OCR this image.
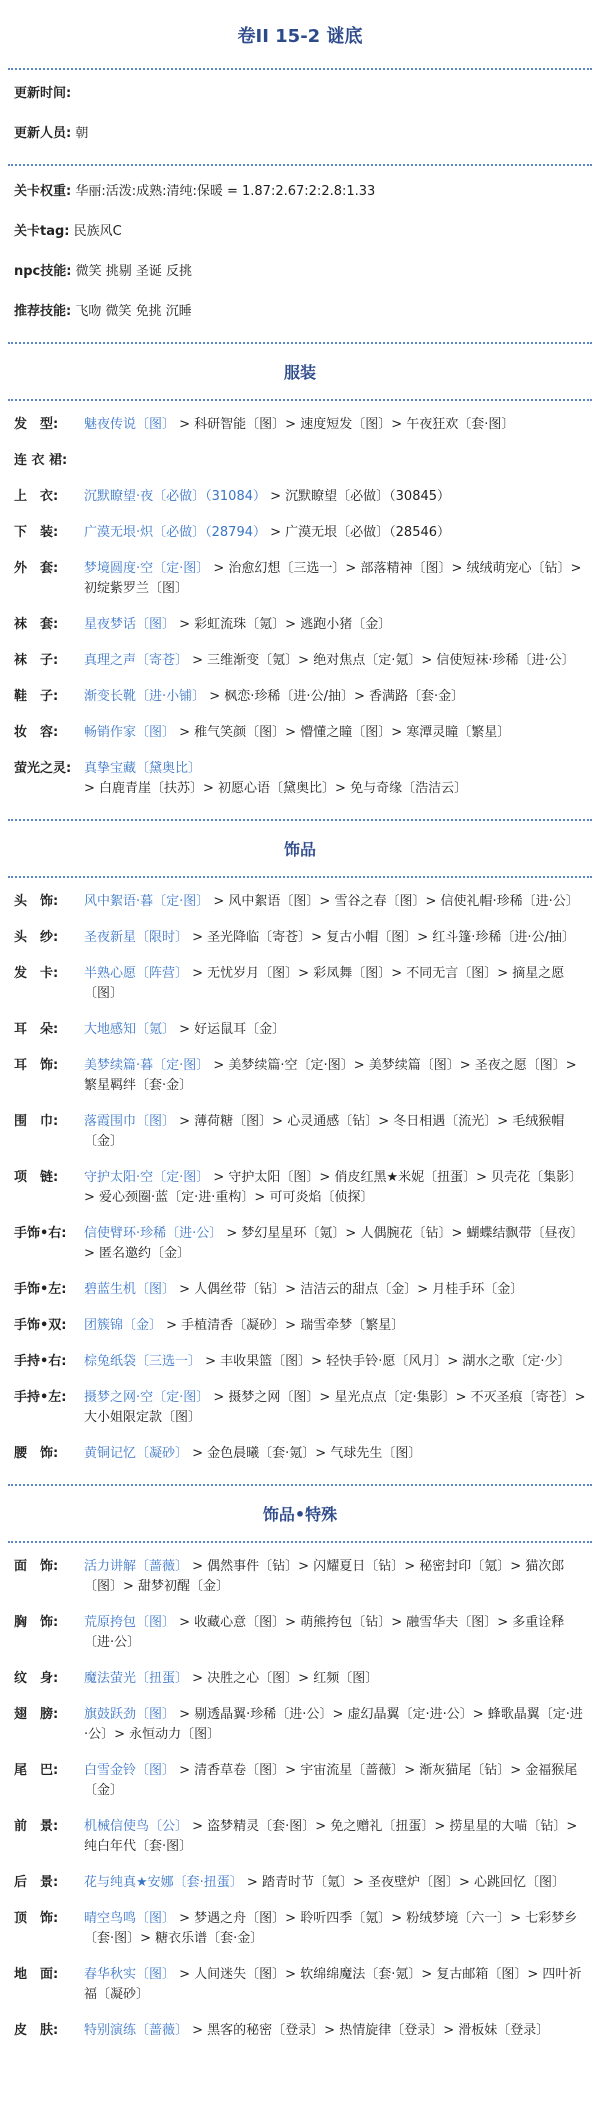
卷II 15-2 谜底

更新时间:

更新人员: 朝

关卡权重: 华丽:活泼:成熟:清纯:保暖 = 1.87:2.67:2:2.8:1.33

关卡tag: 民族风C

npc技能: 微笑 挑剔 圣诞 反挑

推荐技能: 飞吻 微笑 免挑 沉睡

服装
发　型:	魅夜传说〔图〕 > 科研智能〔图〕> 速度短发〔图〕> 午夜狂欢〔套·图〕
连 衣 裙:
上　衣:	沉默瞭望·夜〔必做〕（31084） > 沉默瞭望〔必做〕（30845）
下　装:	广漠无垠·炽〔必做〕（28794） > 广漠无垠〔必做〕（28546）
外　套:	梦境圆度·空〔定·图〕 > 治愈幻想〔三选一〕> 部落精神〔图〕> 绒绒萌宠心〔钻〕> 初绽紫罗兰〔图〕
袜　套:	星夜梦话〔图〕 > 彩虹流珠〔氪〕> 逃跑小猪〔金〕
袜　子:	真理之声〔寄苍〕 > 三维渐变〔氪〕> 绝对焦点〔定·氪〕> 信使短袜·珍稀〔进·公〕
鞋　子:	渐变长靴〔进·小铺〕 > 枫恋·珍稀〔进·公/抽〕> 香满路〔套·金〕
妆　容:	畅销作家〔图〕 > 稚气笑颜〔图〕> 懵懂之瞳〔图〕> 寒潭灵瞳〔繁星〕
萤光之灵: 真挚宝藏〔黛奥比〕 > 白鹿青崖〔扶苏〕> 初愿心语〔黛奥比〕> 免与奇缘〔浩洁云〕
饰品
头　饰:	风中絮语·暮〔定·图〕 > 风中絮语〔图〕> 雪谷之春〔图〕> 信使礼帽·珍稀〔进·公〕
头　纱:	圣夜新星〔限时〕 > 圣光降临〔寄苍〕> 复古小帽〔图〕> 红斗篷·珍稀〔进·公/抽〕
发　卡:	半熟心愿〔阵营〕 > 无忧岁月〔图〕> 彩凤舞〔图〕> 不同无言〔图〕> 摘星之愿〔图〕
耳　朵:	大地感知〔氪〕 > 好运鼠耳〔金〕
耳　饰:	美梦续篇·暮〔定·图〕 > 美梦续篇·空〔定·图〕> 美梦续篇〔图〕> 圣夜之愿〔图〕> 繁星羁绊〔套·金〕
围　巾:	落霞围巾〔图〕 > 薄荷糖〔图〕> 心灵通感〔钻〕> 冬日相遇〔流光〕> 毛绒猴帽〔金〕
项　链:	守护太阳·空〔定·图〕 > 守护太阳〔图〕> 俏皮红黑★米妮〔扭蛋〕> 贝壳花〔集影〕> 爱心颈圈·蓝〔定·进·重构〕> 可可炎焰〔侦探〕
手饰•右:	信使臂环·珍稀〔进·公〕 > 梦幻星星环〔氪〕> 人偶腕花〔钻〕> 蝴蝶结飘带〔昼夜〕> 匿名邀约〔金〕
手饰•左:	碧蓝生机〔图〕 > 人偶丝带〔钻〕> 洁洁云的甜点〔金〕> 月桂手环〔金〕
手饰•双:	团簇锦〔金〕 > 手植清香〔凝砂〕> 瑞雪牵梦〔繁星〕
手持•右:	棕兔纸袋〔三选一〕 > 丰收果篮〔图〕> 轻快手铃·愿〔风月〕> 湖水之歌〔定·少〕
手持•左:	摄梦之网·空〔定·图〕 > 摄梦之网〔图〕> 星光点点〔定·集影〕> 不灭圣痕〔寄苍〕> 大小姐限定款〔图〕
腰　饰:	黄铜记忆〔凝砂〕 > 金色晨曦〔套·氪〕> 气球先生〔图〕
饰品•特殊
面　饰:	活力讲解〔蔷薇〕 > 偶然事件〔钻〕> 闪耀夏日〔钻〕> 秘密封印〔氪〕> 猫次郎〔图〕> 甜梦初醒〔金〕
胸　饰:	荒原挎包〔图〕 > 收藏心意〔图〕> 萌熊挎包〔钻〕> 融雪华夫〔图〕> 多重诠释〔进·公〕
纹　身:	魔法萤光〔扭蛋〕 > 决胜之心〔图〕> 红频〔图〕
翅　膀:	旗鼓跃劲〔图〕 > 剔透晶翼·珍稀〔进·公〕> 虚幻晶翼〔定·进·公〕> 蜂歌晶翼〔定·进·公〕> 永恒动力〔图〕
尾　巴:	白雪金铃〔图〕 > 清香草卷〔图〕> 宇宙流星〔蔷薇〕> 渐灰猫尾〔钻〕> 金福猴尾〔金〕
前　景:	机械信使鸟〔公〕 > 盗梦精灵〔套·图〕> 免之赠礼〔扭蛋〕> 捞星星的大喵〔钻〕> 纯白年代〔套·图〕
后　景:	花与纯真★安娜〔套·扭蛋〕 > 踏青时节〔氪〕> 圣夜壁炉〔图〕> 心跳回忆〔图〕
顶　饰:	晴空鸟鸣〔图〕 > 梦遇之舟〔图〕> 聆听四季〔氪〕> 粉绒梦境〔六一〕> 七彩梦乡〔套·图〕> 糖衣乐谱〔套·金〕
地　面:	春华秋实〔图〕 > 人间迷失〔图〕> 软绵绵魔法〔套·氪〕> 复古邮箱〔图〕> 四叶祈福〔凝砂〕
皮　肤:	特别演练〔蔷薇〕 > 黑客的秘密〔登录〕> 热情旋律〔登录〕> 滑板妹〔登录〕
